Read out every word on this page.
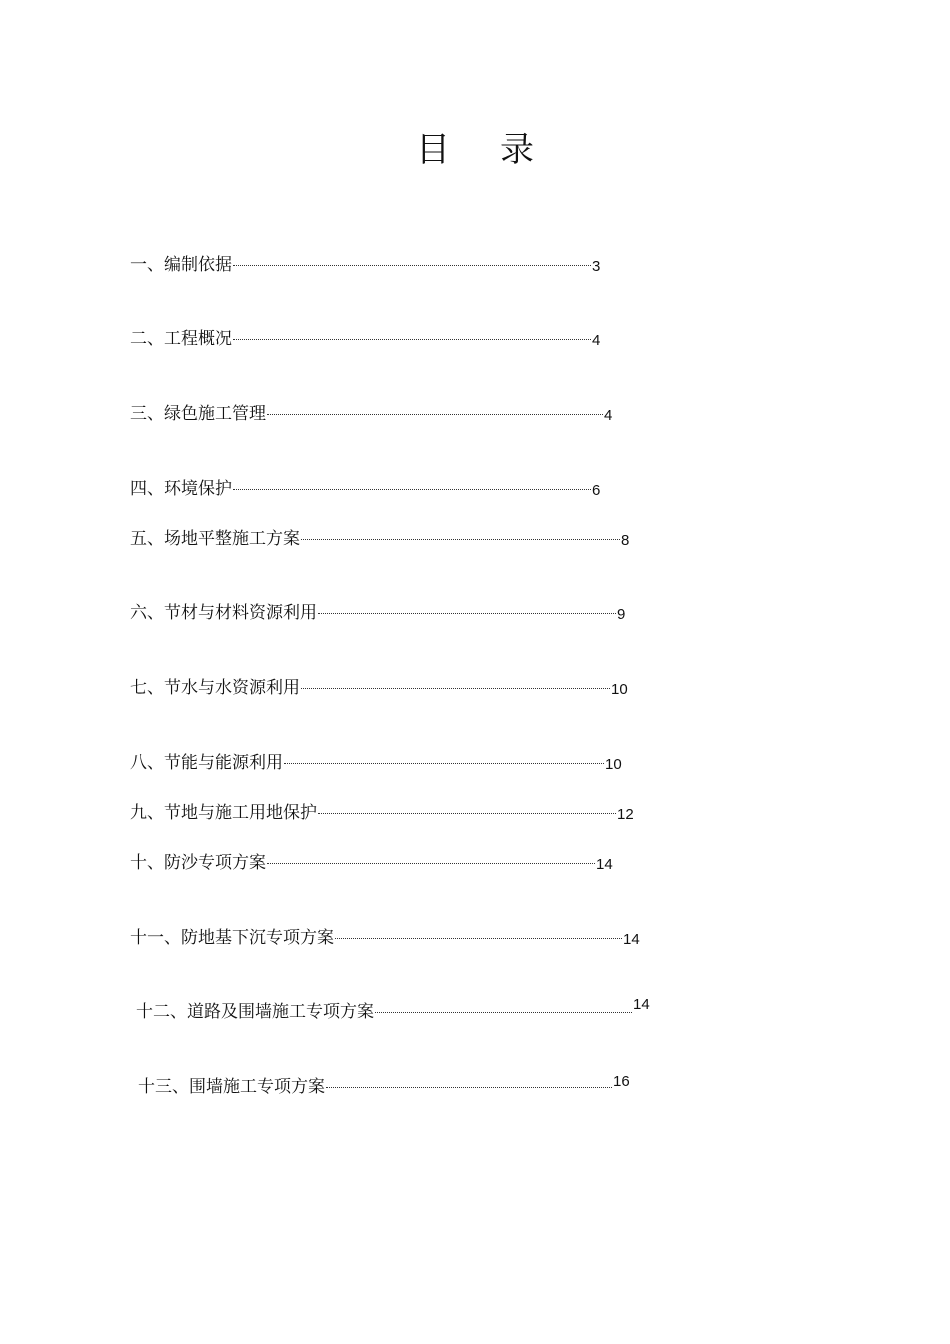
目 录
一、编制依据	3
二、工程概况	4
三、绿色施工管理	4
四、环境保护	6
五、场地平整施工方案	8
六、节材与材料资源利用	9
七、节水与水资源利用	10
八、节能与能源利用	10
九、节地与施工用地保护	12
十、防沙专项方案	14
十一、防地基下沉专项方案	14
十二、道路及围墙施工专项方案	14
十三、围墙施工专项方案	16
